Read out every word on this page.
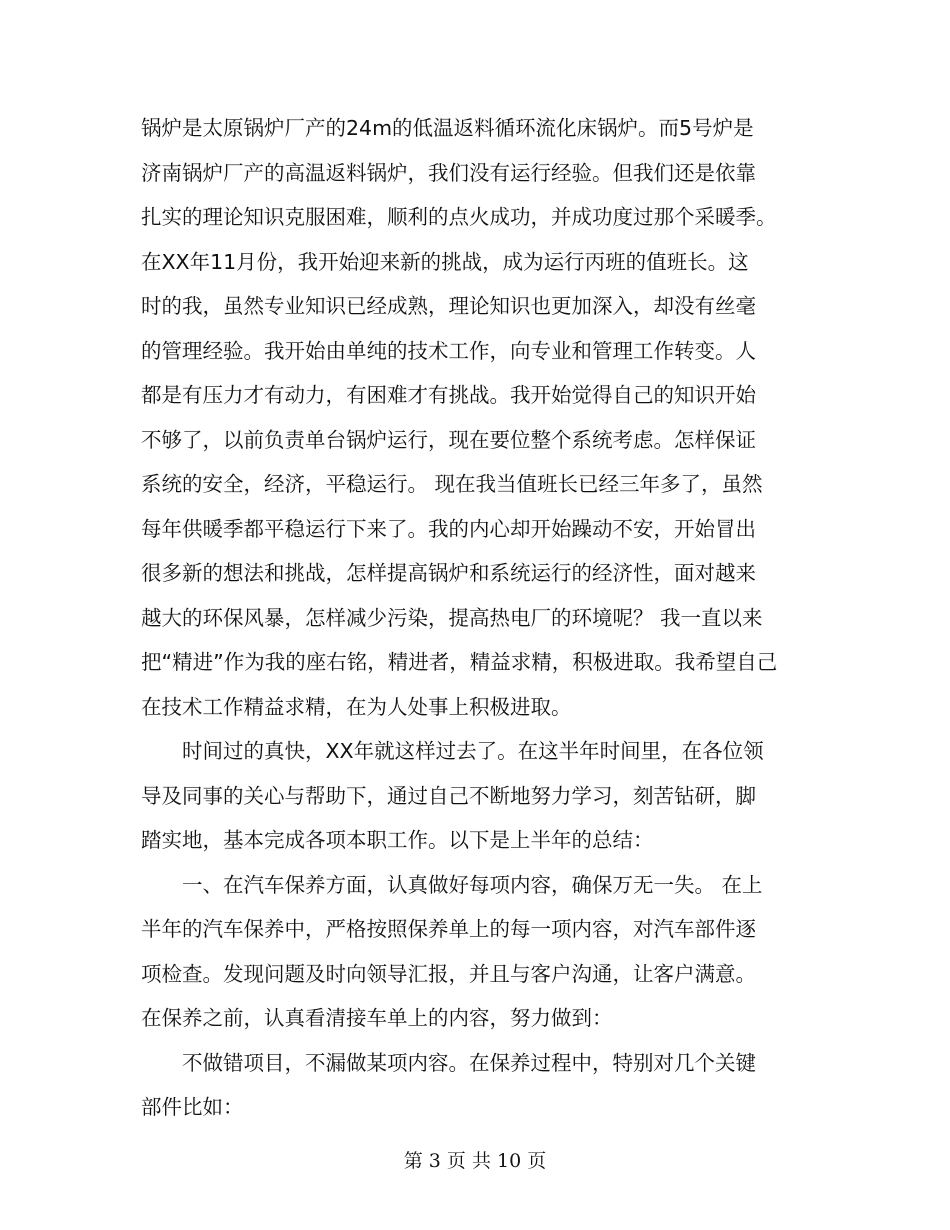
锅炉是太原锅炉厂产的24m的低温返料循环流化床锅炉。而5号炉是
济南锅炉厂产的高温返料锅炉，我们没有运行经验。但我们还是依靠
扎实的理论知识克服困难，顺利的点火成功，并成功度过那个采暖季。
在XX年11月份，我开始迎来新的挑战，成为运行丙班的值班长。这
时的我，虽然专业知识已经成熟，理论知识也更加深入，却没有丝毫
的管理经验。我开始由单纯的技术工作，向专业和管理工作转变。人
都是有压力才有动力，有困难才有挑战。我开始觉得自己的知识开始
不够了，以前负责单台锅炉运行，现在要位整个系统考虑。怎样保证
系统的安全，经济，平稳运行。 现在我当值班长已经三年多了，虽然
每年供暖季都平稳运行下来了。我的内心却开始躁动不安，开始冒出
很多新的想法和挑战，怎样提高锅炉和系统运行的经济性，面对越来
越大的环保风暴，怎样减少污染，提高热电厂的环境呢？ 我一直以来
把“精进”作为我的座右铭，精进者，精益求精，积极进取。我希望自己
在技术工作精益求精，在为人处事上积极进取。
　　时间过的真快，XX年就这样过去了。在这半年时间里，在各位领
导及同事的关心与帮助下，通过自己不断地努力学习，刻苦钻研，脚
踏实地，基本完成各项本职工作。以下是上半年的总结：
　　一、在汽车保养方面，认真做好每项内容，确保万无一失。 在上
半年的汽车保养中，严格按照保养单上的每一项内容，对汽车部件逐
项检查。发现问题及时向领导汇报，并且与客户沟通，让客户满意。
在保养之前，认真看清接车单上的内容，努力做到：
　　不做错项目，不漏做某项内容。在保养过程中，特别对几个关键
部件比如：
第 3 页 共 10 页
